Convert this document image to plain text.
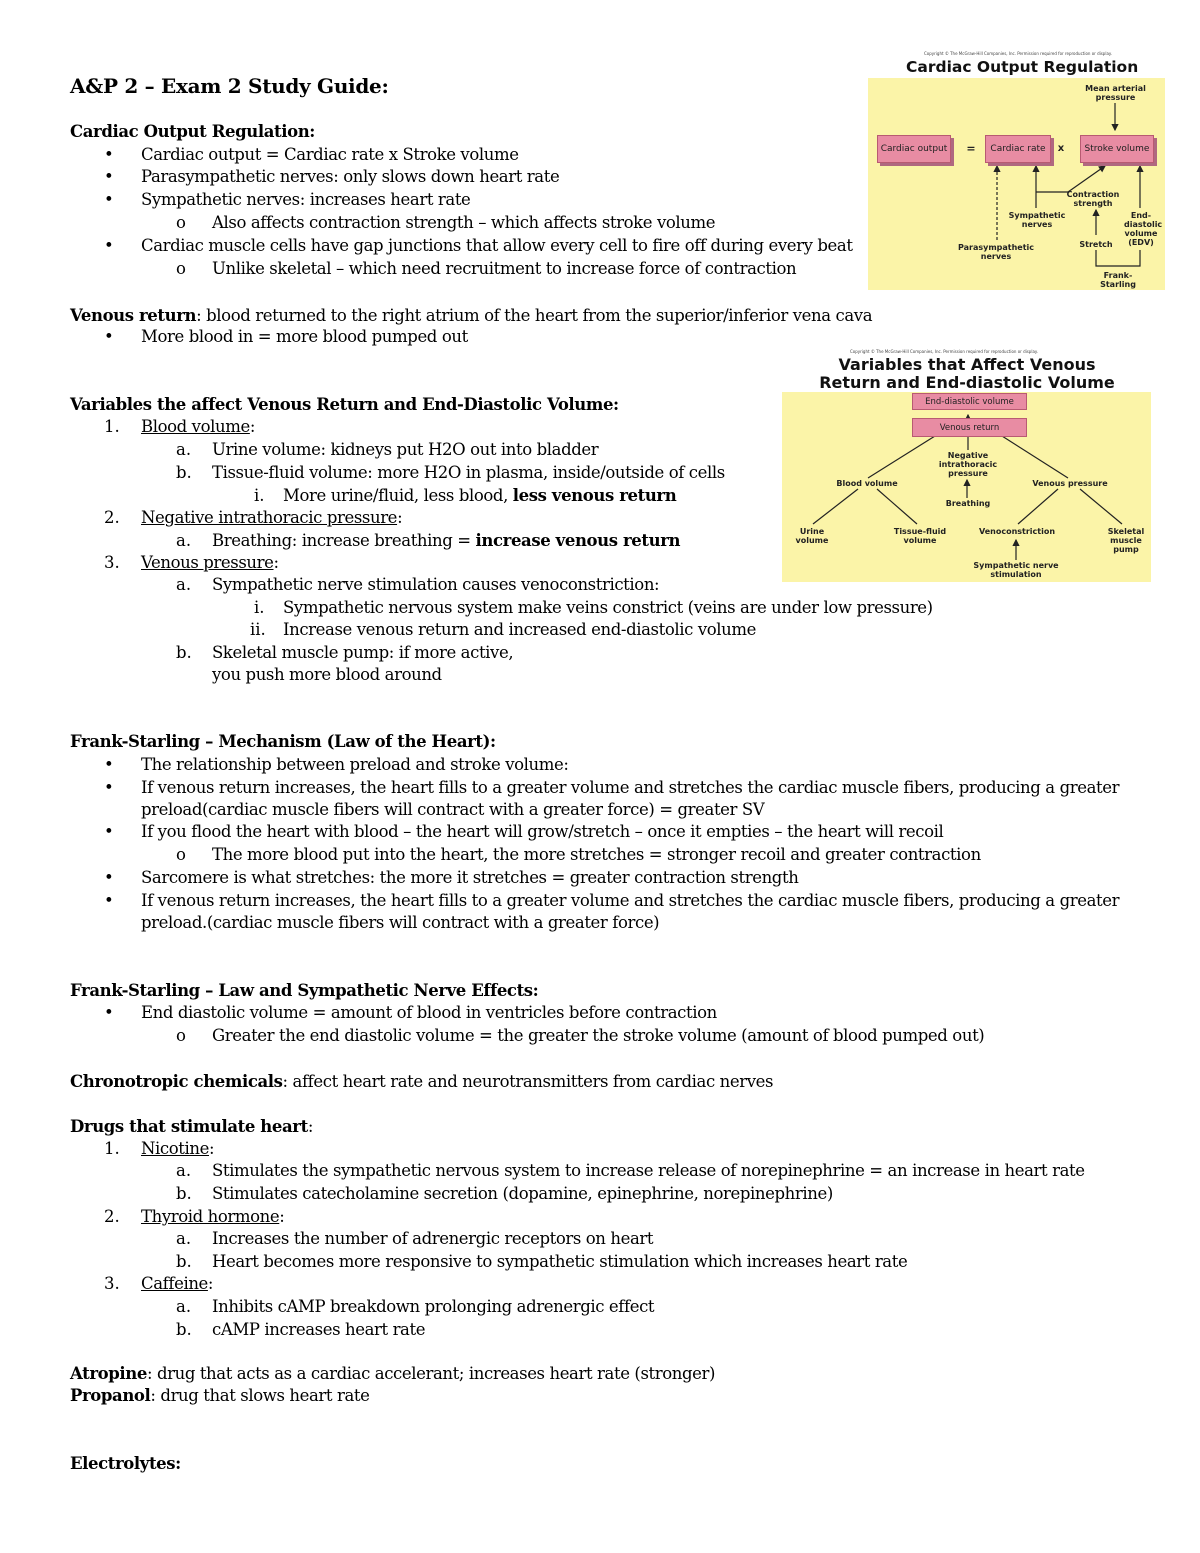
A&P 2 – Exam 2 Study Guide:
Cardiac Output Regulation:
• Cardiac output = Cardiac rate x Stroke volume
• Parasympathetic nerves: only slows down heart rate
• Sympathetic nerves: increases heart rate
o Also affects contraction strength – which affects stroke volume
• Cardiac muscle cells have gap junctions that allow every cell to fire off during every beat
o Unlike skeletal – which need recruitment to increase force of contraction
Venous return: blood returned to the right atrium of the heart from the superior/inferior vena cava
• More blood in = more blood pumped out
Variables the affect Venous Return and End-Diastolic Volume:
1. Blood volume:
a. Urine volume: kidneys put H2O out into bladder
b. Tissue-fluid volume: more H2O in plasma, inside/outside of cells
i. More urine/fluid, less blood, less venous return
2. Negative intrathoracic pressure:
a. Breathing: increase breathing = increase venous return
3. Venous pressure:
a. Sympathetic nerve stimulation causes venoconstriction:
i. Sympathetic nervous system make veins constrict (veins are under low pressure)
ii. Increase venous return and increased end-diastolic volume
b. Skeletal muscle pump: if more active,
you push more blood around
Frank-Starling – Mechanism (Law of the Heart):
• The relationship between preload and stroke volume:
• If venous return increases, the heart fills to a greater volume and stretches the cardiac muscle fibers, producing a greater
preload(cardiac muscle fibers will contract with a greater force) = greater SV
• If you flood the heart with blood – the heart will grow/stretch – once it empties – the heart will recoil
o The more blood put into the heart, the more stretches = stronger recoil and greater contraction
• Sarcomere is what stretches: the more it stretches = greater contraction strength
• If venous return increases, the heart fills to a greater volume and stretches the cardiac muscle fibers, producing a greater
preload.(cardiac muscle fibers will contract with a greater force)
Frank-Starling – Law and Sympathetic Nerve Effects:
• End diastolic volume = amount of blood in ventricles before contraction
o Greater the end diastolic volume = the greater the stroke volume (amount of blood pumped out)
Chronotropic chemicals: affect heart rate and neurotransmitters from cardiac nerves
Drugs that stimulate heart:
1. Nicotine:
a. Stimulates the sympathetic nervous system to increase release of norepinephrine = an increase in heart rate
b. Stimulates catecholamine secretion (dopamine, epinephrine, norepinephrine)
2. Thyroid hormone:
a. Increases the number of adrenergic receptors on heart
b. Heart becomes more responsive to sympathetic stimulation which increases heart rate
3. Caffeine:
a. Inhibits cAMP breakdown prolonging adrenergic effect
b. cAMP increases heart rate
Atropine: drug that acts as a cardiac accelerant; increases heart rate (stronger)
Propanol: drug that slows heart rate
Electrolytes:
Copyright © The McGraw-Hill Companies, Inc. Permission required for reproduction or display.
Cardiac Output Regulation
Mean arterial pressure
Cardiac output	=	Cardiac rate	x	Stroke volume
Contraction strength
Sympathetic nerves
End-diastolic volume (EDV)
Parasympathetic nerves
Stretch
Frank-Starling
Copyright © The McGraw-Hill Companies, Inc. Permission required for reproduction or display.
Variables that Affect Venous
Return and End-diastolic Volume
End-diastolic volume
Venous return
Negative intrathoracic pressure
Blood volume	Venous pressure
Breathing
Urine volume
Tissue-fluid volume
Venoconstriction	Skeletal muscle pump
Sympathetic nerve stimulation
